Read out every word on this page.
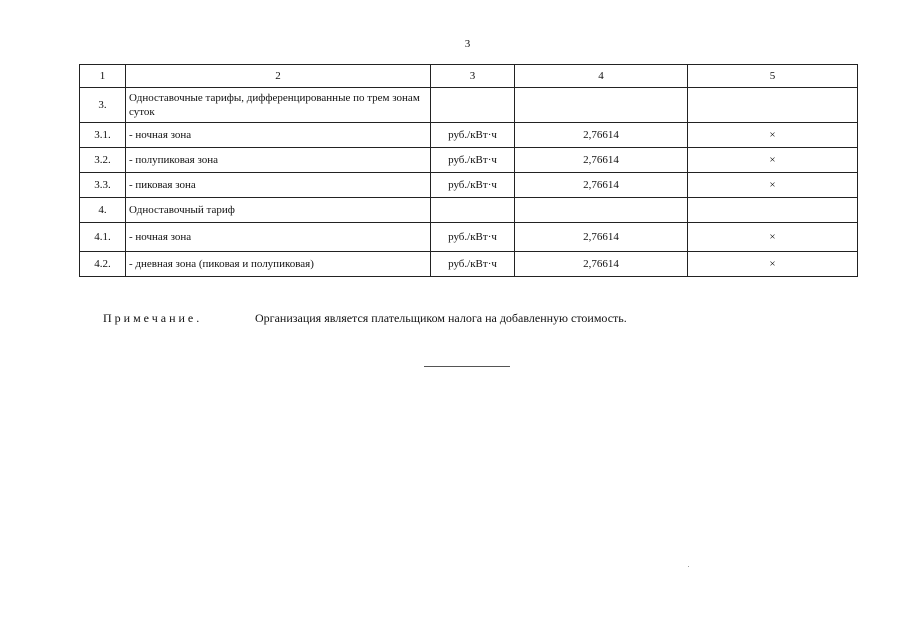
3
1	2	3	4	5
3.	Одноставочные тарифы, дифференцированные по трем зонам суток			
3.1.	- ночная зона	руб./кВт·ч	2,76614	×
3.2.	- полупиковая зона	руб./кВт·ч	2,76614	×
3.3.	- пиковая зона	руб./кВт·ч	2,76614	×
4.	Одноставочный тариф			
4.1.	- ночная зона	руб./кВт·ч	2,76614	×
4.2.	- дневная зона (пиковая и полупиковая)	руб./кВт·ч	2,76614	×
Примечание.	Организация является плательщиком налога на добавленную стоимость.
